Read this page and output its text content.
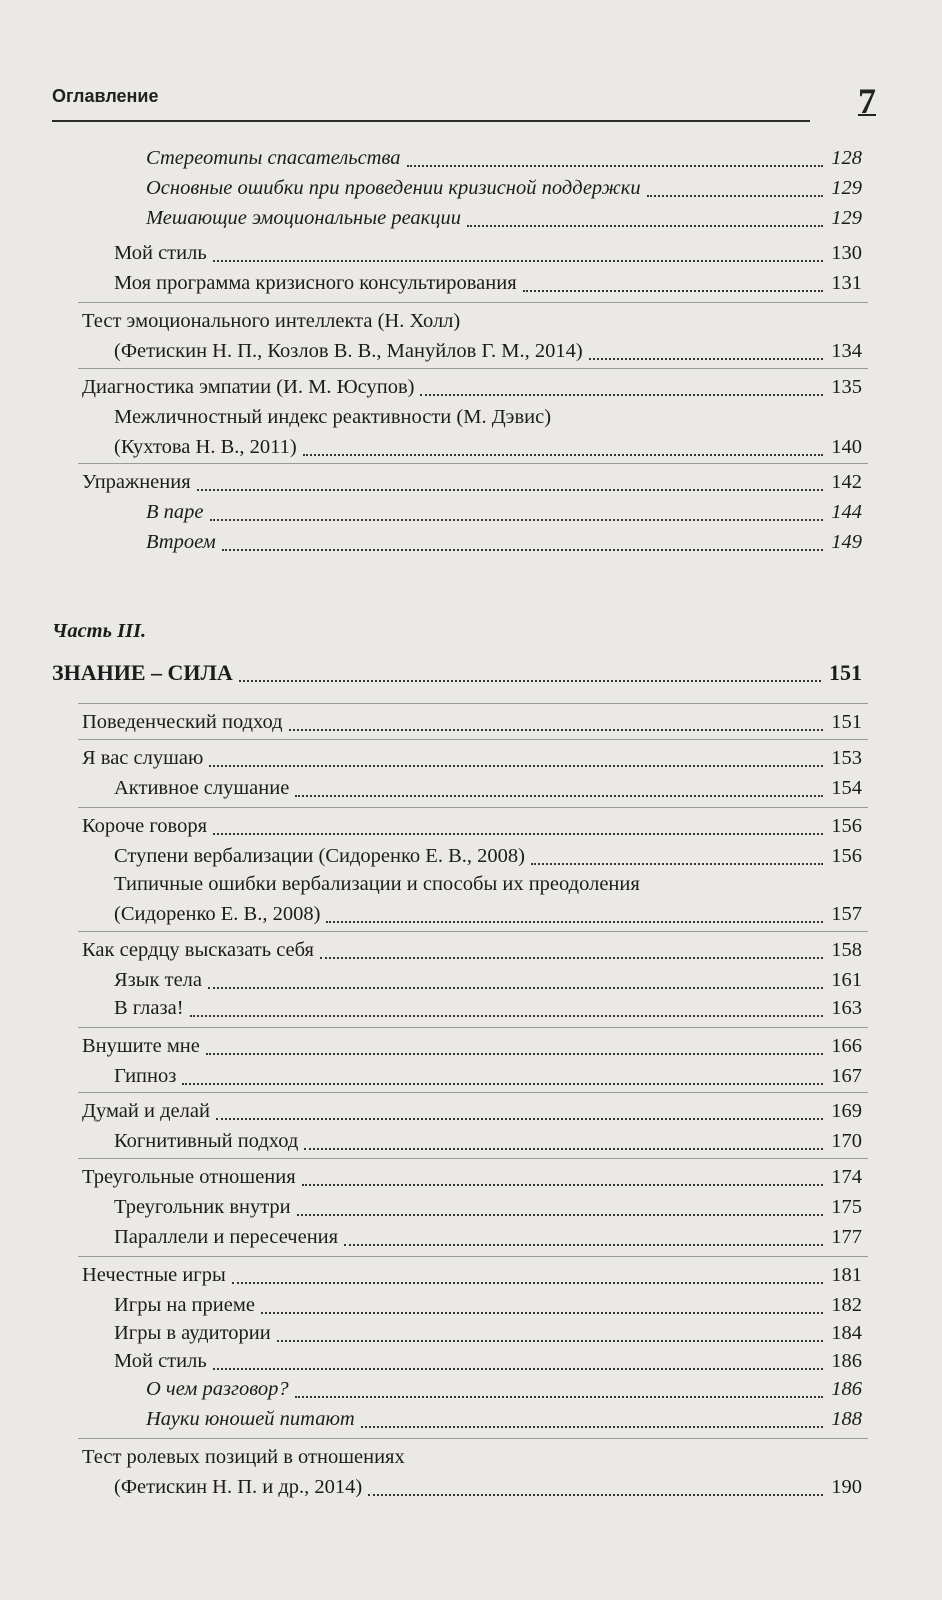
Оглавление	7
Стереотипы спасательства	128
Основные ошибки при проведении кризисной поддержки	129
Мешающие эмоциональные реакции	129
Мой стиль	130
Моя программа кризисного консультирования	131
Тест эмоционального интеллекта (Н. Холл)
(Фетискин Н. П., Козлов В. В., Мануйлов Г. М., 2014)	134
Диагностика эмпатии (И. М. Юсупов)	135
Межличностный индекс реактивности (М. Дэвис)
(Кухтова Н. В., 2011)	140
Упражнения	142
В паре	144
Втроем	149
Часть III.
ЗНАНИЕ – СИЛА	151
Поведенческий подход	151
Я вас слушаю	153
Активное слушание	154
Короче говоря	156
Ступени вербализации (Сидоренко Е. В., 2008)	156
Типичные ошибки вербализации и способы их преодоления
(Сидоренко Е. В., 2008)	157
Как сердцу высказать себя	158
Язык тела	161
В глаза!	163
Внушите мне	166
Гипноз	167
Думай и делай	169
Когнитивный подход	170
Треугольные отношения	174
Треугольник внутри	175
Параллели и пересечения	177
Нечестные игры	181
Игры на приеме	182
Игры в аудитории	184
Мой стиль	186
О чем разговор?	186
Науки юношей питают	188
Тест ролевых позиций в отношениях
(Фетискин Н. П. и др., 2014)	190
